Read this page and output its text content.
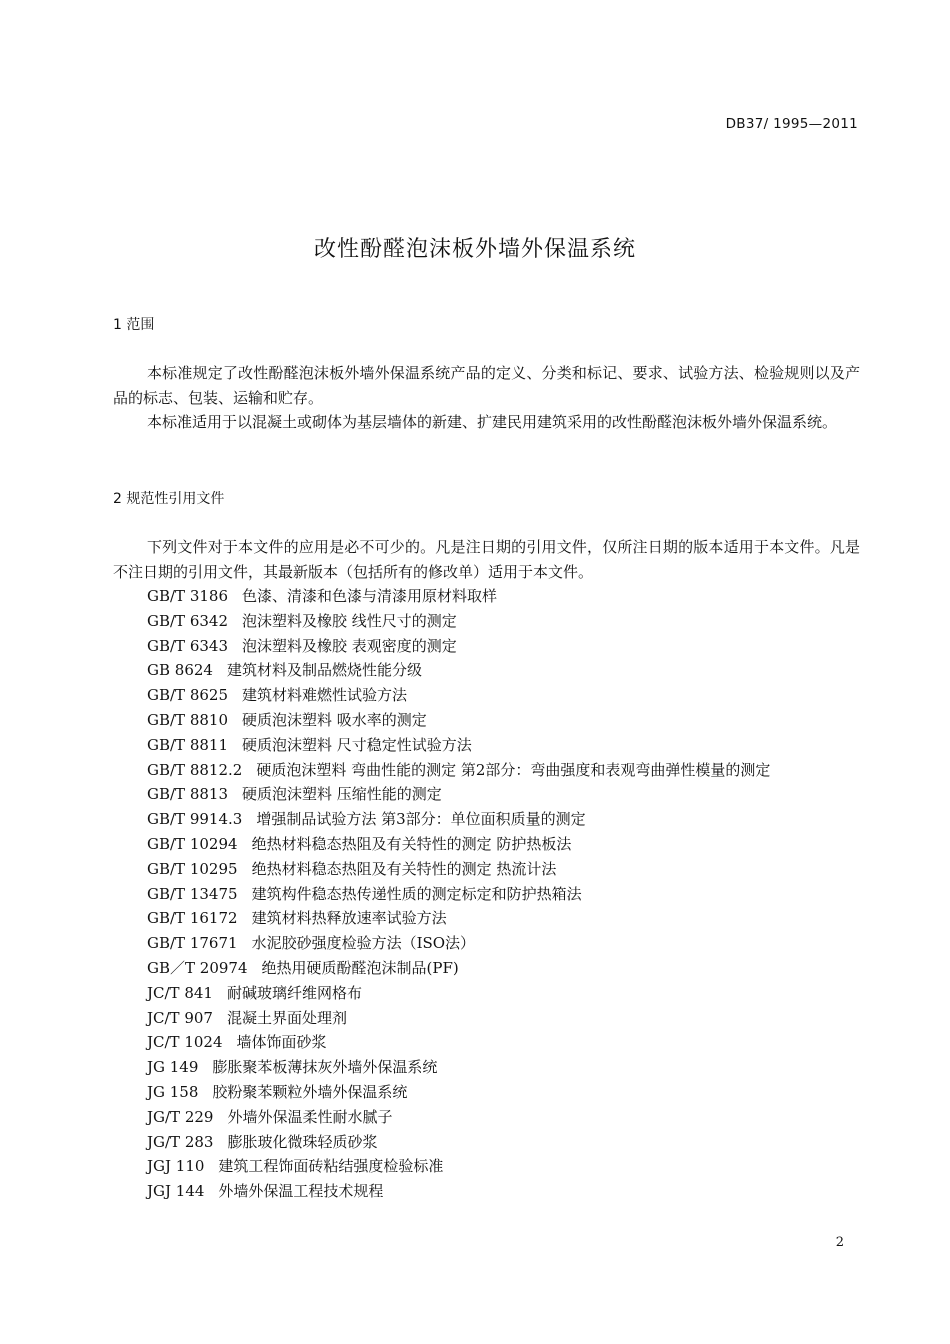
DB37/ 1995—2011
改性酚醛泡沫板外墙外保温系统
1 范围

本标准规定了改性酚醛泡沫板外墙外保温系统产品的定义、分类和标记、要求、试验方法、检验规则以及产品的标志、包装、运输和贮存。

本标准适用于以混凝土或砌体为基层墙体的新建、扩建民用建筑采用的改性酚醛泡沫板外墙外保温系统。

2 规范性引用文件

下列文件对于本文件的应用是必不可少的。凡是注日期的引用文件，仅所注日期的版本适用于本文件。凡是不注日期的引用文件，其最新版本（包括所有的修改单）适用于本文件。

GB/T 3186 色漆、清漆和色漆与清漆用原材料取样
GB/T 6342 泡沫塑料及橡胶 线性尺寸的测定
GB/T 6343 泡沫塑料及橡胶 表观密度的测定
GB 8624 建筑材料及制品燃烧性能分级
GB/T 8625 建筑材料难燃性试验方法
GB/T 8810 硬质泡沫塑料 吸水率的测定
GB/T 8811 硬质泡沫塑料 尺寸稳定性试验方法
GB/T 8812.2 硬质泡沫塑料 弯曲性能的测定 第2部分：弯曲强度和表观弯曲弹性模量的测定
GB/T 8813 硬质泡沫塑料 压缩性能的测定
GB/T 9914.3 增强制品试验方法 第3部分：单位面积质量的测定
GB/T 10294 绝热材料稳态热阻及有关特性的测定 防护热板法
GB/T 10295 绝热材料稳态热阻及有关特性的测定 热流计法
GB/T 13475 建筑构件稳态热传递性质的测定标定和防护热箱法
GB/T 16172 建筑材料热释放速率试验方法
GB/T 17671 水泥胶砂强度检验方法（ISO法）
GB／T 20974 绝热用硬质酚醛泡沫制品(PF)
JC/T 841 耐碱玻璃纤维网格布
JC/T 907 混凝土界面处理剂
JC/T 1024 墙体饰面砂浆
JG 149 膨胀聚苯板薄抹灰外墙外保温系统
JG 158 胶粉聚苯颗粒外墙外保温系统
JG/T 229 外墙外保温柔性耐水腻子
JG/T 283 膨胀玻化微珠轻质砂浆
JGJ 110 建筑工程饰面砖粘结强度检验标准
JGJ 144 外墙外保温工程技术规程
2
